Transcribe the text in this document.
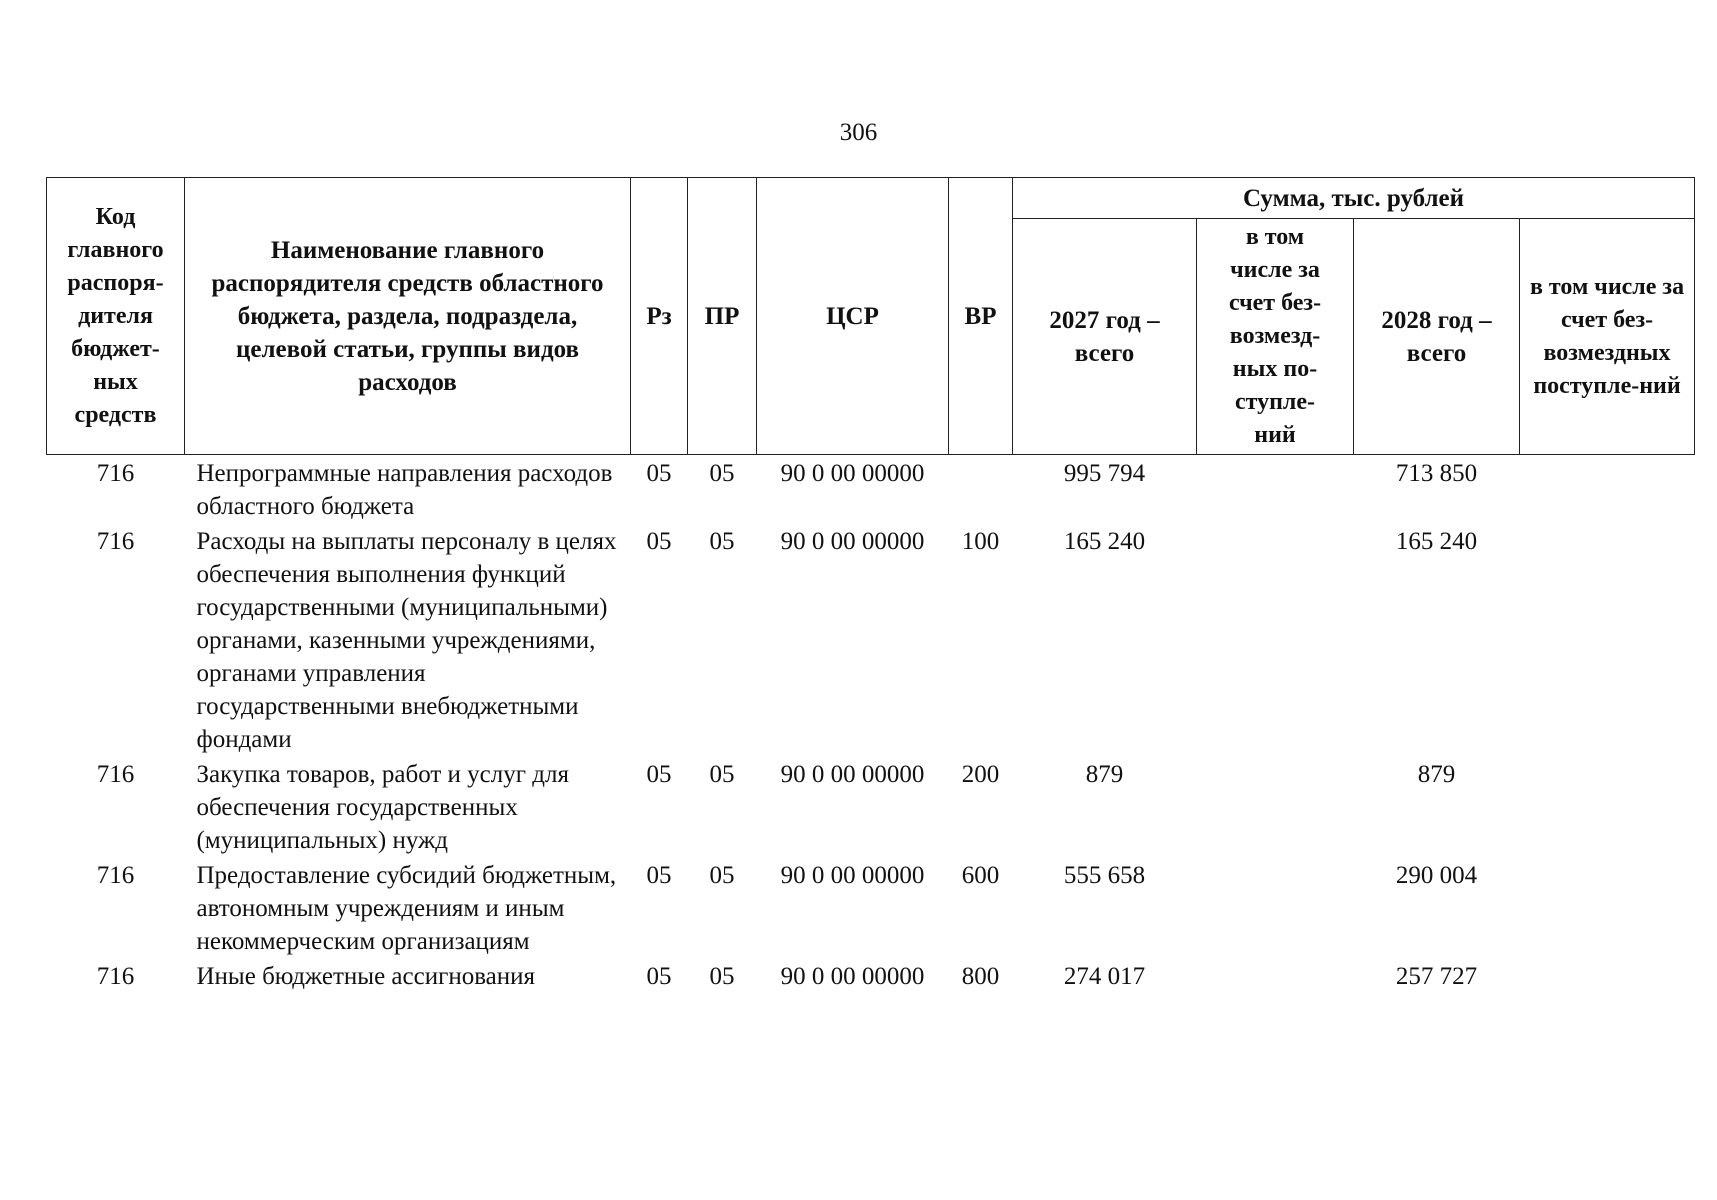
306
Код главного распоря-дителя бюджет-ных средств	Наименование главного распорядителя средств областного бюджета, раздела, подраздела, целевой статьи, группы видов расходов	Рз	ПР	ЦСР	ВР	Сумма, тыс. рублей			
						2027 год – всего	в том числе за счет без-возмезд-ных по-ступле-ний	2028 год – всего	в том числе за счет без-возмездных поступле-ний
716	Непрограммные направления расходов областного бюджета	05	05	90 0 00 00000		995 794		713 850	
716	Расходы на выплаты персоналу в целях обеспечения выполнения функций государственными (муниципальными) органами, казенными учреждениями, органами управления государственными внебюджетными фондами	05	05	90 0 00 00000	100	165 240		165 240	
716	Закупка товаров, работ и услуг для обеспечения государственных (муниципальных) нужд	05	05	90 0 00 00000	200	879		879	
716	Предоставление субсидий бюджетным, автономным учреждениям и иным некоммерческим организациям	05	05	90 0 00 00000	600	555 658		290 004	
716	Иные бюджетные ассигнования	05	05	90 0 00 00000	800	274 017		257 727	
